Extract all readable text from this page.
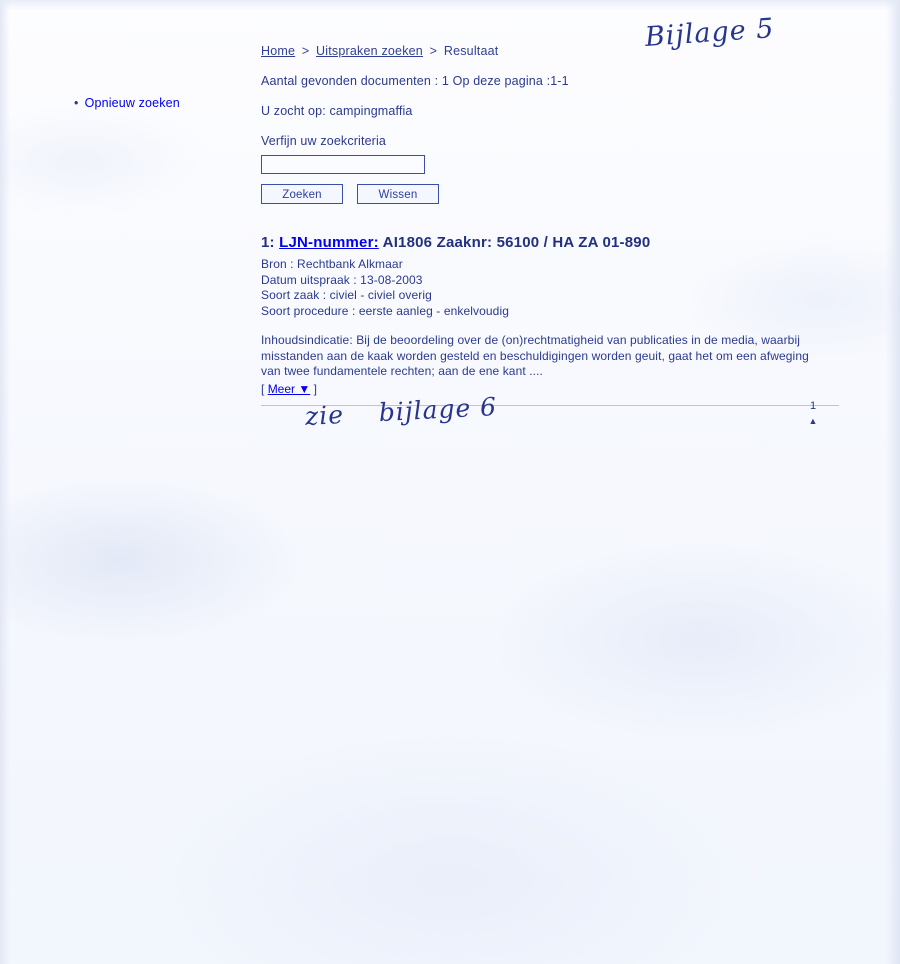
• Opnieuw zoeken
Home > Uitspraken zoeken > Resultaat
Aantal gevonden documenten : 1 Op deze pagina :1-1
U zocht op: campingmaffia
Verfijn uw zoekcriteria
Zoeken	Wissen
1: LJN-nummer: AI1806 Zaaknr: 56100 / HA ZA 01-890
Bron : Rechtbank Alkmaar
Datum uitspraak : 13-08-2003
Soort zaak : civiel - civiel overig
Soort procedure : eerste aanleg - enkelvoudig
Inhoudsindicatie: Bij de beoordeling over de (on)rechtmatigheid van publicaties in de media, waarbij misstanden aan de kaak worden gesteld en beschuldigingen worden geuit, gaat het om een afweging van twee fundamentele rechten; aan de ene kant ....
[ Meer ▼ ]
1
▲
Bijlage 5
zie bijlage 6
